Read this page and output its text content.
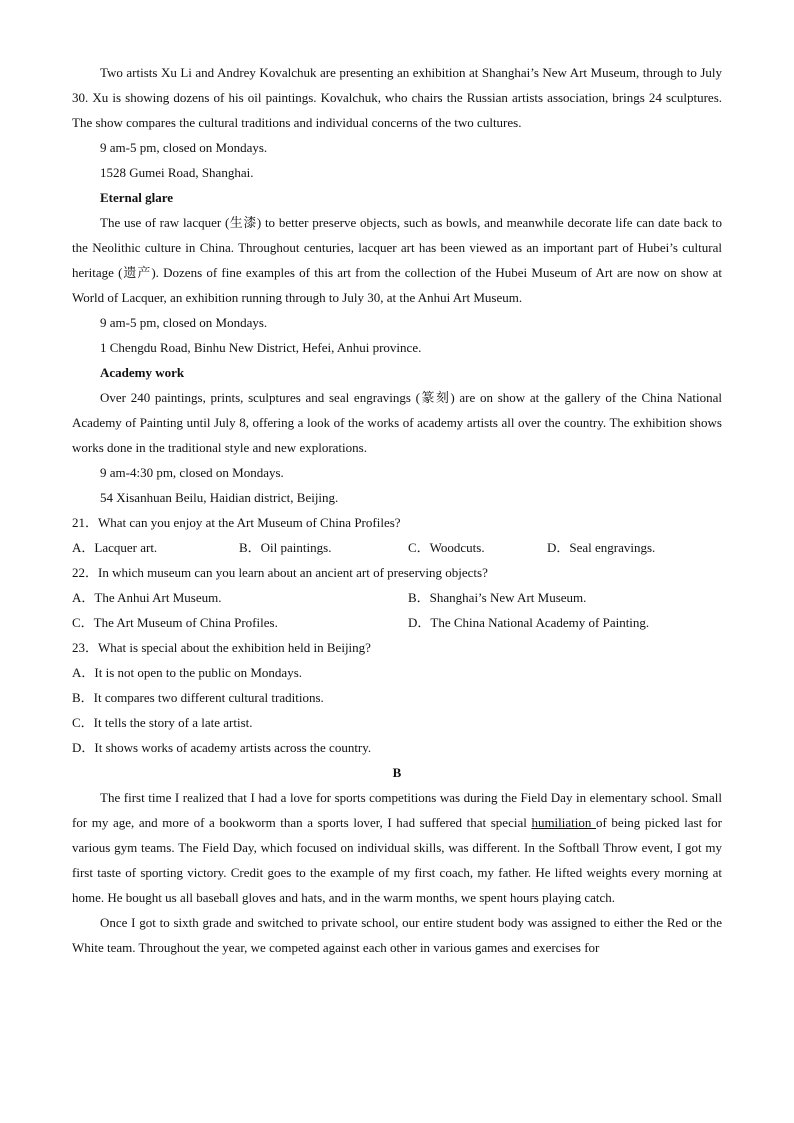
Two artists Xu Li and Andrey Kovalchuk are presenting an exhibition at Shanghai’s New Art Museum, through to July 30. Xu is showing dozens of his oil paintings. Kovalchuk, who chairs the Russian artists association, brings 24 sculptures. The show compares the cultural traditions and individual concerns of the two cultures.

9 am-5 pm, closed on Mondays.

1528 Gumei Road, Shanghai.

Eternal glare

The use of raw lacquer (生漆) to better preserve objects, such as bowls, and meanwhile decorate life can date back to the Neolithic culture in China. Throughout centuries, lacquer art has been viewed as an important part of Hubei’s cultural heritage (遗产). Dozens of fine examples of this art from the collection of the Hubei Museum of Art are now on show at World of Lacquer, an exhibition running through to July 30, at the Anhui Art Museum.

9 am-5 pm, closed on Mondays.

1 Chengdu Road, Binhu New District, Hefei, Anhui province.

Academy work

Over 240 paintings, prints, sculptures and seal engravings (篆刻) are on show at the gallery of the China National Academy of Painting until July 8, offering a look of the works of academy artists all over the country. The exhibition shows works done in the traditional style and new explorations.

9 am-4:30 pm, closed on Mondays.

54 Xisanhuan Beilu, Haidian district, Beijing.

21．What can you enjoy at the Art Museum of China Profiles?

A．Lacquer art.	B．Oil paintings.	C．Woodcuts.	D．Seal engravings.

22．In which museum can you learn about an ancient art of preserving objects?

A．The Anhui Art Museum.	B．Shanghai’s New Art Museum.
C．The Art Museum of China Profiles.	D．The China National Academy of Painting.

23．What is special about the exhibition held in Beijing?

A．It is not open to the public on Mondays.

B．It compares two different cultural traditions.

C．It tells the story of a late artist.

D．It shows works of academy artists across the country.

B

The first time I realized that I had a love for sports competitions was during the Field Day in elementary school. Small for my age, and more of a bookworm than a sports lover, I had suffered that special humiliation of being picked last for various gym teams. The Field Day, which focused on individual skills, was different. In the Softball Throw event, I got my first taste of sporting victory. Credit goes to the example of my first coach, my father. He lifted weights every morning at home. He bought us all baseball gloves and hats, and in the warm months, we spent hours playing catch.

Once I got to sixth grade and switched to private school, our entire student body was assigned to either the Red or the White team. Throughout the year, we competed against each other in various games and exercises for
